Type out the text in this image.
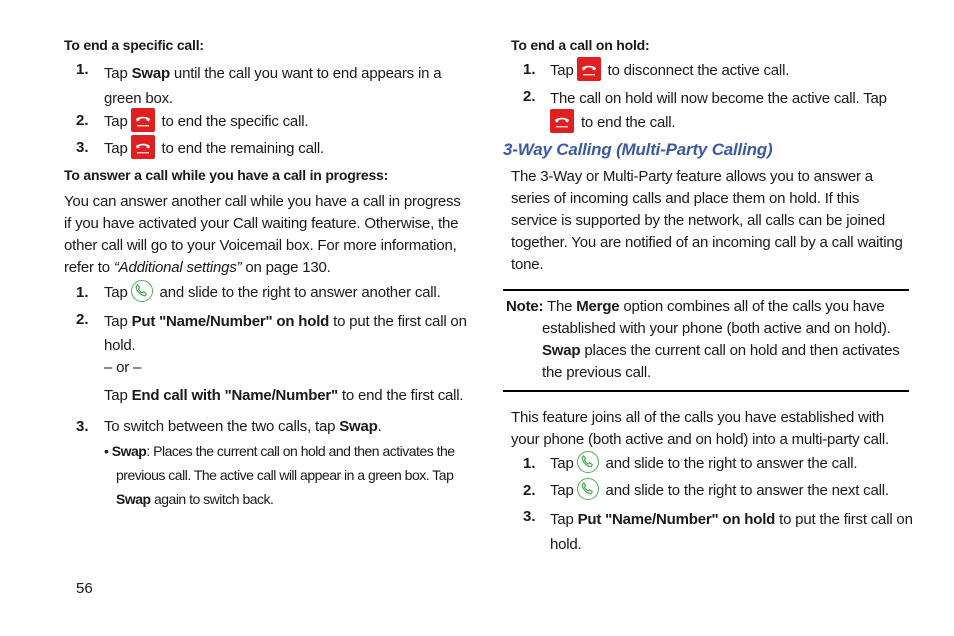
To end a specific call:
1. Tap Swap until the call you want to end appears in a
green box.
2. Tap
to end the specific call.
3. Tap
to end the remaining call.
To answer a call while you have a call in progress:
You can answer another call while you have a call in progress
if you have activated your Call waiting feature. Otherwise, the
other call will go to your Voicemail box. For more information,
refer to “Additional settings” on page 130.
1. Tap
and slide to the right to answer another call.
2. Tap Put "Name/Number" on hold to put the first call on
hold.
– or –
Tap End call with "Name/Number" to end the first call.
3. To switch between the two calls, tap Swap.
• Swap: Places the current call on hold and then activates the
previous call. The active call will appear in a green box. Tap
Swap again to switch back.
56
To end a call on hold:
1. Tap
to disconnect the active call.
2. The call on hold will now become the active call. Tap

to end the call.
3-Way Calling (Multi-Party Calling)
The 3-Way or Multi-Party feature allows you to answer a
series of incoming calls and place them on hold. If this
service is supported by the network, all calls can be joined
together. You are notified of an incoming call by a call waiting
tone.
Note: The Merge option combines all of the calls you have
established with your phone (both active and on hold).
Swap places the current call on hold and then activates
the previous call.
This feature joins all of the calls you have established with
your phone (both active and on hold) into a multi-party call.
1. Tap
and slide to the right to answer the call.
2. Tap
and slide to the right to answer the next call.
3. Tap Put "Name/Number" on hold to put the first call on
hold.
